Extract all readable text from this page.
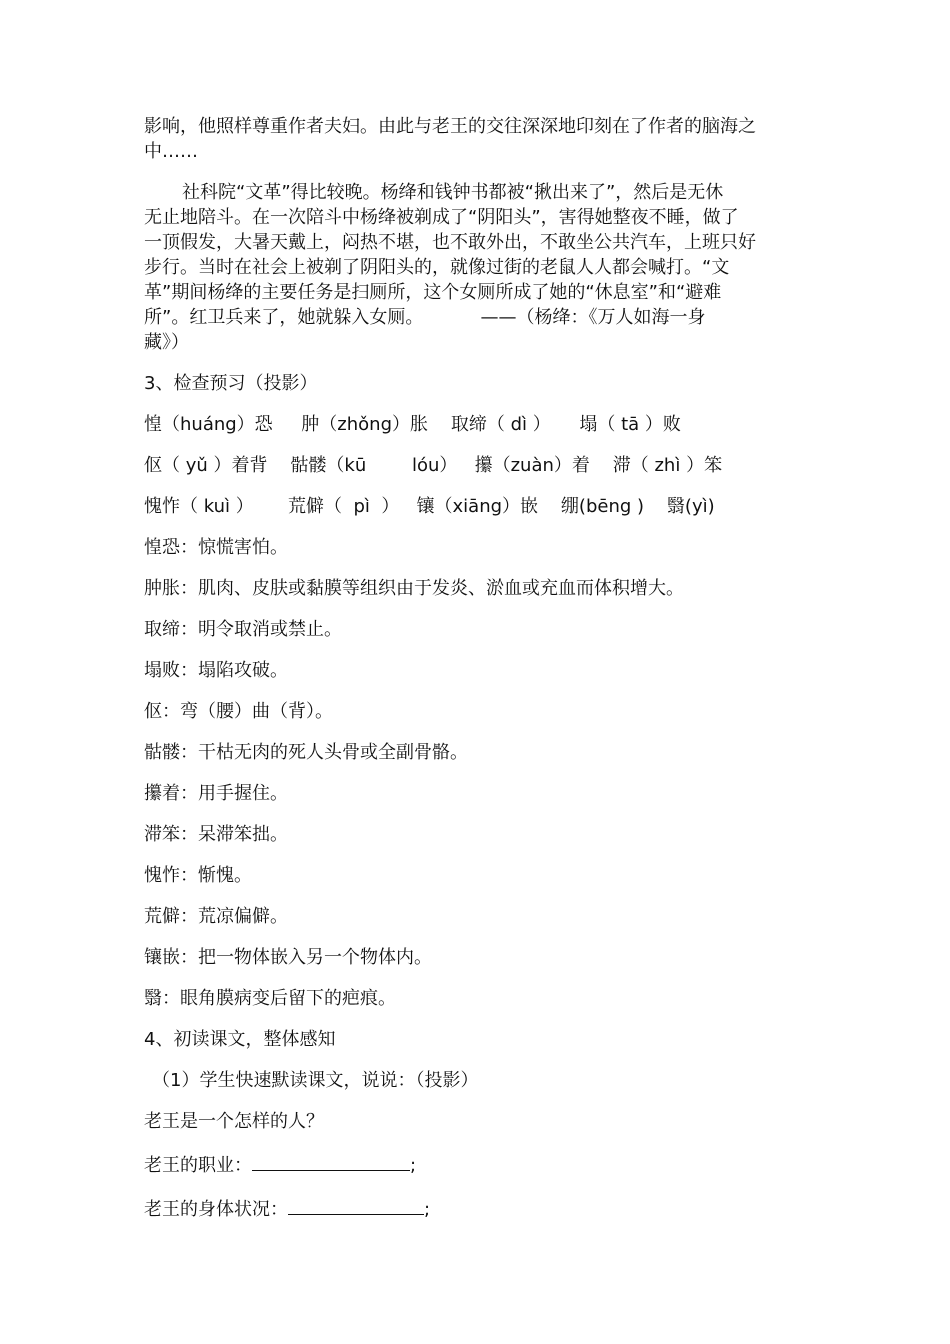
影响，他照样尊重作者夫妇。由此与老王的交往深深地印刻在了作者的脑海之

中……

社科院“文革”得比较晚。杨绛和钱钟书都被“揪出来了”，然后是无休

无止地陪斗。在一次陪斗中杨绛被剃成了“阴阳头”，害得她整夜不睡，做了

一顶假发，大暑天戴上，闷热不堪，也不敢外出，不敢坐公共汽车，上班只好

步行。当时在社会上被剃了阴阳头的，就像过街的老鼠人人都会喊打。“文

革”期间杨绛的主要任务是扫厕所，这个女厕所成了她的“休息室”和“避难

所”。红卫兵来了，她就躲入女厕。          ——（杨绛：《万人如海一身

藏》）

3、检查预习（投影）

惶（huáng）恐     肿（zhǒng）胀    取缔（ dì ）     塌（ tā ）败

伛（ yǔ ）着背    骷髅（kū        lóu）   攥（zuàn）着    滞（ zhì ）笨

愧怍（ kuì ）      荒僻（  pì  ）   镶（xiāng）嵌    绷(bēng )    翳(yì)

惶恐：惊慌害怕。

肿胀：肌肉、皮肤或黏膜等组织由于发炎、淤血或充血而体积增大。

取缔：明令取消或禁止。

塌败：塌陷攻破。

伛：弯（腰）曲（背）。

骷髅：干枯无肉的死人头骨或全副骨骼。

攥着：用手握住。

滞笨：呆滞笨拙。

愧怍：惭愧。

荒僻：荒凉偏僻。

镶嵌：把一物体嵌入另一个物体内。

翳：眼角膜病变后留下的疤痕。

4、初读课文，整体感知

（1）学生快速默读课文，说说：（投影）

老王是一个怎样的人？

老王的职业：	;

老王的身体状况：	;
